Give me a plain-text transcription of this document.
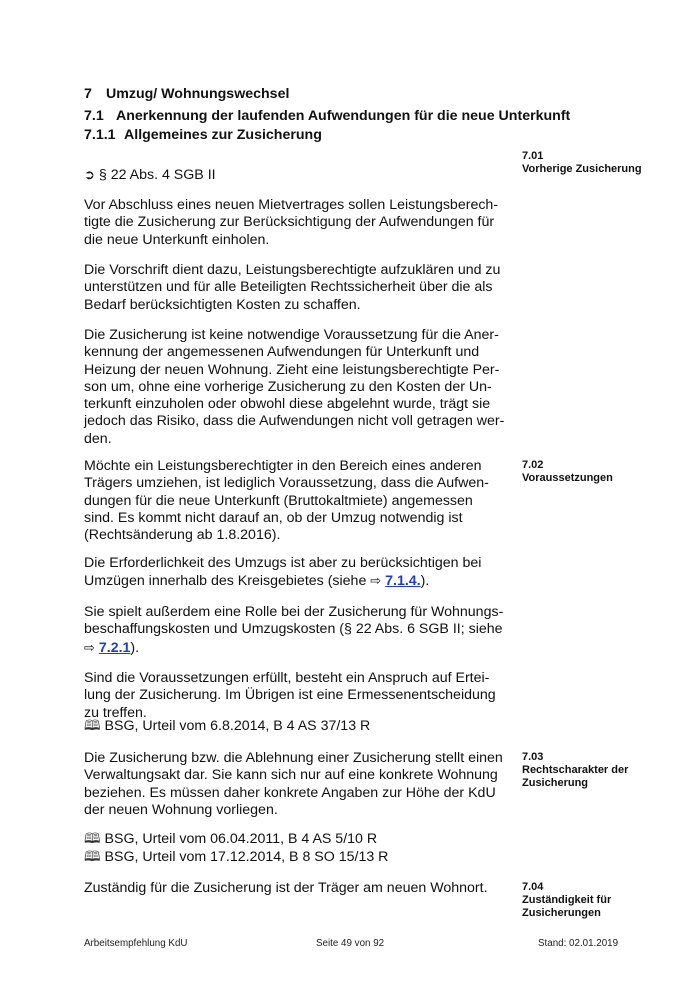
7 Umzug/ Wohnungswechsel
7.1 Anerkennung der laufenden Aufwendungen für die neue Unterkunft
7.1.1 Allgemeines zur Zusicherung
➲ § 22 Abs. 4 SGB II

Vor Abschluss eines neuen Mietvertrages sollen Leistungsberechtigte die Zusicherung zur Berücksichtigung der Aufwendungen für die neue Unterkunft einholen.

Die Vorschrift dient dazu, Leistungsberechtigte aufzuklären und zu unterstützen und für alle Beteiligten Rechtssicherheit über die als Bedarf berücksichtigten Kosten zu schaffen.

Die Zusicherung ist keine notwendige Voraussetzung für die Anerkennung der angemessenen Aufwendungen für Unterkunft und Heizung der neuen Wohnung. Zieht eine leistungsberechtigte Person um, ohne eine vorherige Zusicherung zu den Kosten der Unterkunft einzuholen oder obwohl diese abgelehnt wurde, trägt sie jedoch das Risiko, dass die Aufwendungen nicht voll getragen werden.

Möchte ein Leistungsberechtigter in den Bereich eines anderen Trägers umziehen, ist lediglich Voraussetzung, dass die Aufwendungen für die neue Unterkunft (Bruttokaltmiete) angemessen sind. Es kommt nicht darauf an, ob der Umzug notwendig ist (Rechtsänderung ab 1.8.2016).

Die Erforderlichkeit des Umzugs ist aber zu berücksichtigen bei Umzügen innerhalb des Kreisgebietes (siehe ⇨ 7.1.4.).

Sie spielt außerdem eine Rolle bei der Zusicherung für Wohnungsbeschaffungskosten und Umzugskosten (§ 22 Abs. 6 SGB II; siehe ⇨ 7.2.1).

Sind die Voraussetzungen erfüllt, besteht ein Anspruch auf Erteilung der Zusicherung. Im Übrigen ist eine Ermessenentscheidung zu treffen.

🕮 BSG, Urteil vom 6.8.2014, B 4 AS 37/13 R

Die Zusicherung bzw. die Ablehnung einer Zusicherung stellt einen Verwaltungsakt dar. Sie kann sich nur auf eine konkrete Wohnung beziehen. Es müssen daher konkrete Angaben zur Höhe der KdU der neuen Wohnung vorliegen.

🕮 BSG, Urteil vom 06.04.2011, B 4 AS 5/10 R
🕮 BSG, Urteil vom 17.12.2014, B 8 SO 15/13 R

Zuständig für die Zusicherung ist der Träger am neuen Wohnort.

7.01
Vorherige Zusicherung
7.02
Voraussetzungen
7.03
Rechtscharakter der Zusicherung
7.04
Zuständigkeit für Zusicherungen
Arbeitsempfehlung KdU	Seite 49 von 92	Stand: 02.01.2019
